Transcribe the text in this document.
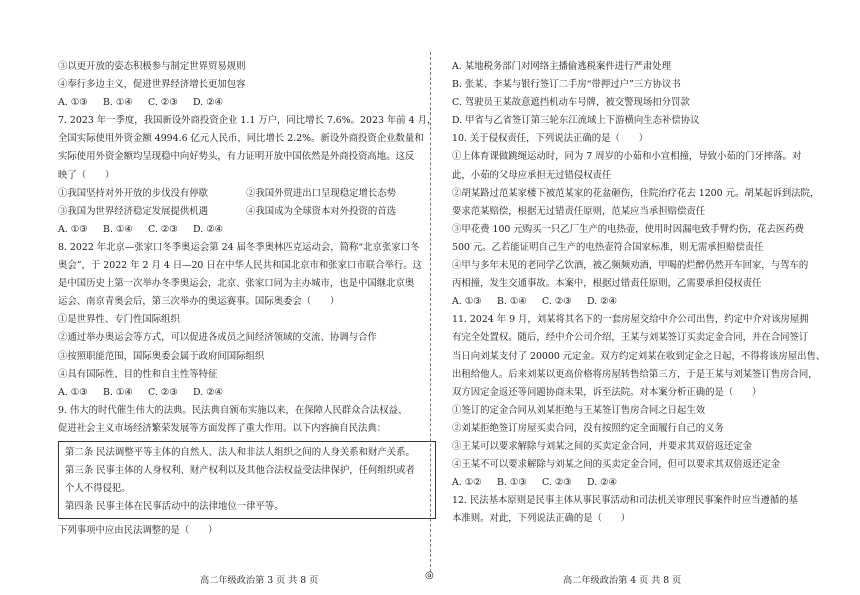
③以更开放的姿态积极参与制定世界贸易规则
④奉行多边主义，促进世界经济增长更加包容
A. ①③	B. ①④	C. ②③	D. ②④
7. 2023 年一季度，我国新设外商投资企业 1.1 万户，同比增长 7.6%。2023 年前 4 月，
全国实际使用外资金额 4994.6 亿元人民币，同比增长 2.2%。新设外商投资企业数量和
实际使用外资金额均呈现稳中向好势头，有力证明开放中国依然是外商投资高地。这反
映了（　　）
①我国坚持对外开放的步伐没有停歇	②我国外贸进出口呈现稳定增长态势
③我国为世界经济稳定发展提供机遇	④我国成为全球资本对外投资的首选
A. ①③	B. ①④	C. ②③	D. ②④
8. 2022 年北京—张家口冬季奥运会第 24 届冬季奥林匹克运动会，简称“北京张家口冬
奥会”，于 2022 年 2 月 4 日—20 日在中华人民共和国北京市和张家口市联合举行。这
是中国历史上第一次举办冬季奥运会，北京、张家口同为主办城市，也是中国继北京奥
运会、南京青奥会后，第三次举办的奥运赛事。国际奥委会（　　）
①是世界性、专门性国际组织
②通过举办奥运会等方式，可以促进各成员之间经济领域的交流、协调与合作
③按照职能范围，国际奥委会属于政府间国际组织
④具有国际性、目的性和自主性等特征
A. ①③	B. ①④	C. ②③	D. ②④
9. 伟大的时代催生伟大的法典。民法典自颁布实施以来，在保障人民群众合法权益、
促进社会主义市场经济繁荣发展等方面发挥了重大作用。以下内容摘自民法典：
第二条 民法调整平等主体的自然人、法人和非法人组织之间的人身关系和财产关系。
第三条 民事主体的人身权利、财产权利以及其他合法权益受法律保护，任何组织或者
个人不得侵犯。
第四条 民事主体在民事活动中的法律地位一律平等。
下列事项中应由民法调整的是（　　）
A. 某地税务部门对网络主播偷逃税案件进行严肃处理
B. 张某、李某与银行签订二手房“带押过户”三方协议书
C. 驾驶员王某故意遮挡机动车号牌，被交警现场扣分罚款
D. 甲省与乙省签订第三轮东江流域上下游横向生态补偿协议
10. 关于侵权责任，下列说法正确的是（　　）
①上体育课做跳绳运动时，同为 7 周岁的小茹和小宣相撞，导致小茹的门牙摔落。对
此，小茹的父母应承担无过错侵权责任
②胡某路过范某家楼下被范某家的花盆砸伤，住院治疗花去 1200 元。胡某起诉到法院，
要求范某赔偿，根据无过错责任原则，范某应当承担赔偿责任
③甲花费 100 元购买一只乙厂生产的电热壶，使用时因漏电致手臂灼伤，花去医药费
500 元。乙若能证明自己生产的电热壶符合国家标准，则无需承担赔偿责任
④甲与多年未见的老同学乙饮酒，被乙频频劝酒，甲喝的烂醉仍然开车回家，与驾车的
丙相撞，发生交通事故。本案中，根据过错责任原则，乙需要承担侵权责任
A. ①③	B. ①④	C. ②③	D. ②④
11. 2024 年 9 月，刘某将其名下的一套房屋交给中介公司出售，约定中介对该房屋拥
有完全处置权。随后，经中介公司介绍，王某与刘某签订买卖定金合同，并在合同签订
当日向刘某支付了 20000 元定金。双方约定刘某在收到定金之日起，不得将该房屋出售、
出租给他人。后来刘某以更高价格将房屋转售给第三方，于是王某与刘某签订售房合同，
双方因定金返还等问题协商未果，诉至法院。对本案分析正确的是（　　）
①签订的定金合同从刘某拒绝与王某签订售房合同之日起生效
②刘某拒绝签订房屋买卖合同，没有按照约定全面履行自己的义务
③王某可以要求解除与刘某之间的买卖定金合同，并要求其双倍返还定金
④王某不可以要求解除与刘某之间的买卖定金合同，但可以要求其双倍返还定金
A. ①②	B. ①③	C. ②③	D. ②④
12. 民法基本原则是民事主体从事民事活动和司法机关审理民事案件时应当遵循的基
本准则。对此，下列说法正确的是（　　）
高二年级政治第 3 页 共 8 页	◎	高二年级政治第 4 页 共 8 页
